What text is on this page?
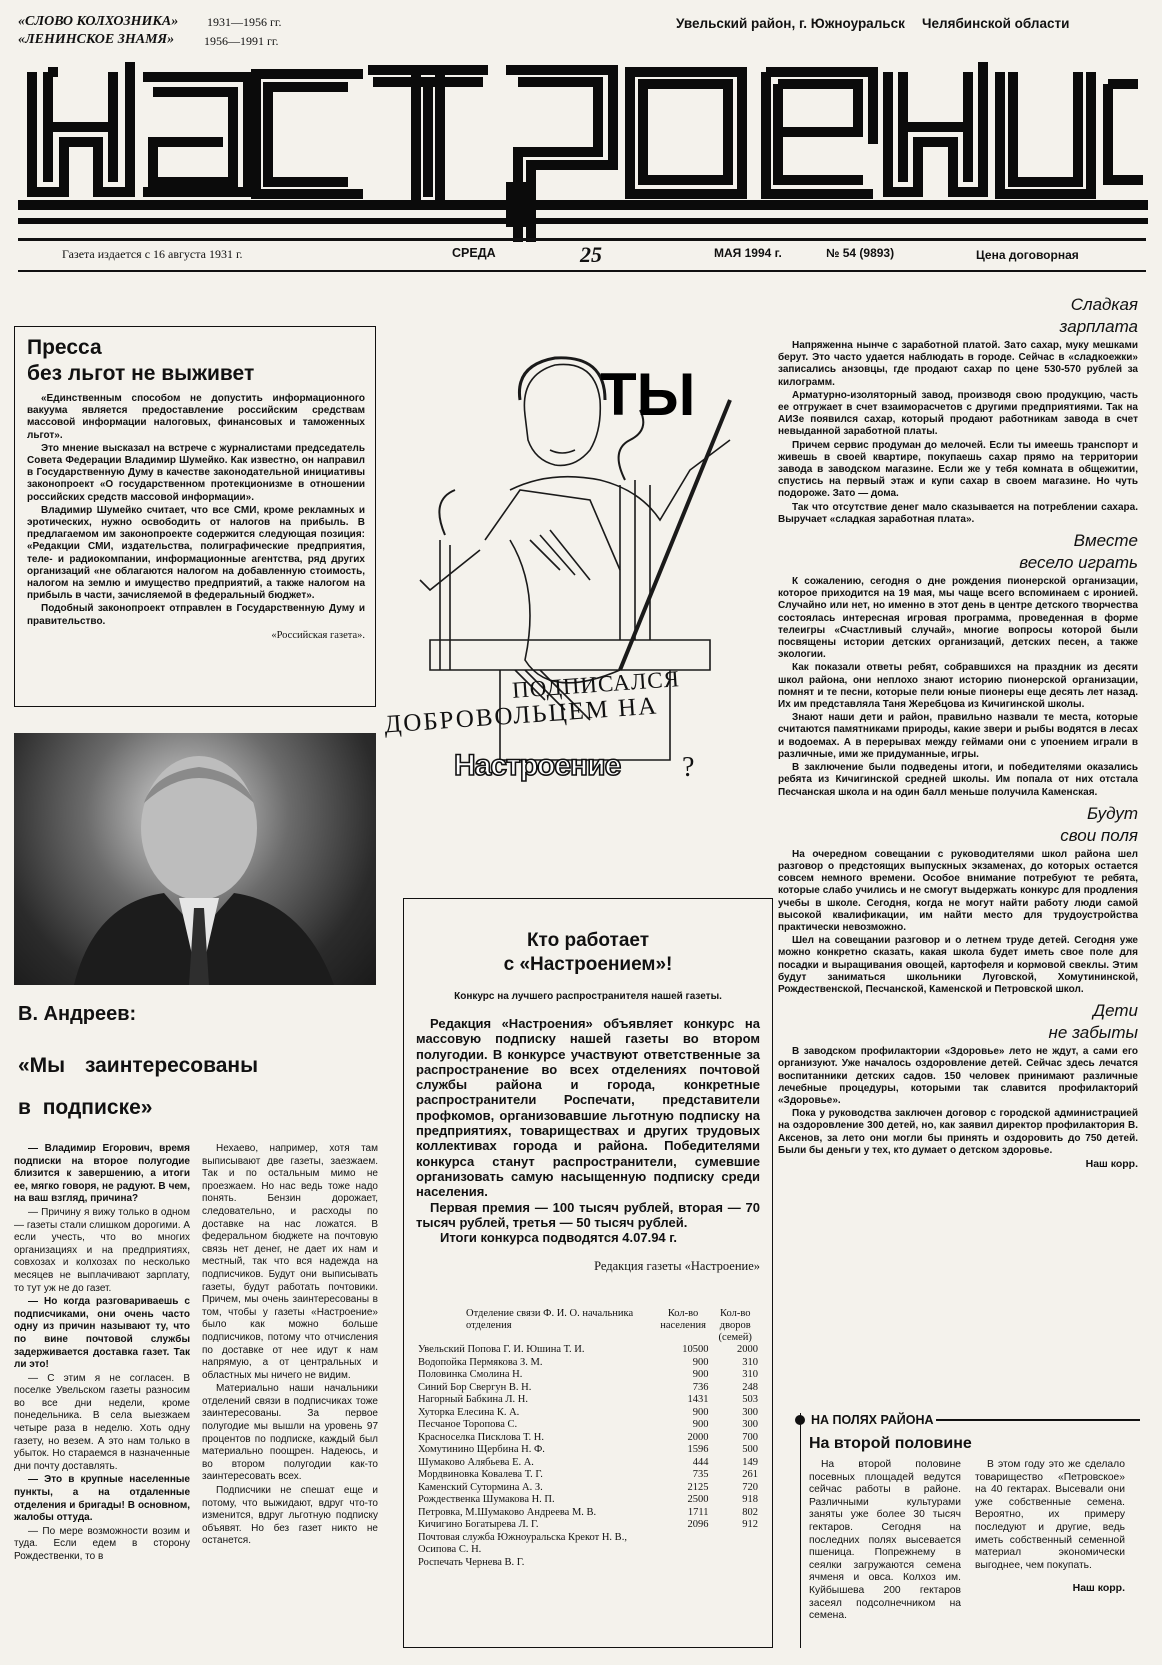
«СЛОВО КОЛХОЗНИКА» 1931—1956 гг.
«ЛЕНИНСКОЕ ЗНАМЯ» 1956—1991 гг.
Увельский район, г. Южноуральск Челябинской области
Газета издается с 16 августа 1931 г.	СРЕДА	25	МАЯ 1994 г.	№ 54 (9893)	Цена договорная
Пресса
без льгот не выживет

«Единственным способом не допустить информационного вакуума является предоставление российским средствам массовой информации налоговых, финансовых и таможенных льгот».

Это мнение высказал на встрече с журналистами председатель Совета Федерации Владимир Шумейко. Как известно, он направил в Государственную Думу в качестве законодательной инициативы законопроект «О государственном протекционизме в отношении российских средств массовой информации».

Владимир Шумейко считает, что все СМИ, кроме рекламных и эротических, нужно освободить от налогов на прибыль. В предлагаемом им законопроекте содержится следующая позиция: «Редакции СМИ, издательства, полиграфические предприятия, теле- и радиокомпании, информационные агентства, ряд других организаций «не облагаются налогом на добавленную стоимость, налогом на землю и имущество предприятий, а также налогом на прибыль в части, зачисляемой в федеральный бюджет».

Подобный законопроект отправлен в Государственную Думу и правительство.

«Российская газета».
В. Андреев:
«Мы заинтересованы
в подписке»

— Владимир Егорович, время подписки на второе полугодие близится к завершению, а итоги ее, мягко говоря, не радуют. В чем, на ваш взгляд, причина?

— Причину я вижу только в одном — газеты стали слишком дорогими. А если учесть, что во многих организациях и на предприятиях, совхозах и колхозах по несколько месяцев не выплачивают зарплату, то тут уж не до газет.

— Но когда разговариваешь с подписчиками, они очень часто одну из причин называют ту, что по вине почтовой службы задерживается доставка газет. Так ли это!

— С этим я не согласен. В поселке Увельском газеты разносим во все дни недели, кроме понедельника. В села выезжаем четыре раза в неделю. Хоть одну газету, но везем. А это нам только в убыток. Но стараемся в назначенные дни почту доставлять.

— Это в крупные населенные пункты, а на отдаленные отделения и бригады! В основном, жалобы оттуда.

— По мере возможности возим и туда. Если едем в сторону Рождественки, то в

Нехаево, например, хотя там выписывают две газеты, заезжаем. Так и по остальным мимо не проезжаем. Но нас ведь тоже надо понять. Бензин дорожает, следовательно, и расходы по доставке на нас ложатся. В федеральном бюджете на почтовую связь нет денег, не дает их нам и местный, так что вся надежда на подписчиков. Будут они выписывать газеты, будут работать почтовики. Причем, мы очень заинтересованы в том, чтобы у газеты «Настроение» было как можно больше подписчиков, потому что отчисления по доставке от нее идут к нам напрямую, а от центральных и областных мы ничего не видим.

Материально наши начальники отделений связи в подписчиках тоже заинтересованы. За первое полугодие мы вышли на уровень 97 процентов по подписке, каждый был материально поощрен. Надеюсь, и во втором полугодии как-то заинтересовать всех.

Подписчики не спешат еще и потому, что выжидают, вдруг что-то изменится, вдруг льготную подписку объявят. Но без газет никто не останется.

ТЫ
ПОДПИСАЛСЯ
ДОБРОВОЛЬЦЕМ НА
Настроение ?
Кто работает
с «Настроением»!
Конкурс на лучшего распространителя нашей газеты.

Редакция «Настроения» объявляет конкурс на массовую подписку нашей газеты во втором полугодии. В конкурсе участвуют ответственные за распространение во всех отделениях почтовой службы района и города, конкретные распространители Роспечати, представители профкомов, организовавшие льготную подписку на предприятиях, товариществах и других трудовых коллективах города и района. Победителями конкурса станут распространители, сумевшие организовать самую насыщенную подписку среди населения.

Первая премия — 100 тысяч рублей, вторая — 70 тысяч рублей, третья — 50 тысяч рублей.

Итоги конкурса подводятся 4.07.94 г.

Редакция газеты «Настроение»
Отделение связи Ф. И. О. начальника отделения	Кол-во населения	Кол-во дворов (семей)
Увельский Попова Г. И. Юшина Т. И.	10500	2000
Водопойка Пермякова З. М.	900	310
Половинка Смолина Н.	900	310
Синий Бор Свергун В. Н.	736	248
Нагорный Бабкина Л. Н.	1431	503
Хуторка Елесина К. А.	900	300
Песчаное Торопова С.	900	300
Красноселка Писклова Т. Н.	2000	700
Хомутинино Щербина Н. Ф.	1596	500
Шумаково Алябьева Е. А.	444	149
Мордвиновка Ковалева Т. Г.	735	261
Каменский Сутормина А. З.	2125	720
Рождественка Шумакова Н. П.	2500	918
Петровка, М.Шумаково Андреева М. В.	1711	802
Кичигино Богатырева Л. Г.	2096	912
Почтовая служба Южноуральска Крекот Н. В., Осипова С. Н.		
Роспечать Чернева В. Г.		
Сладкая
зарплата

Напряженна нынче с заработной платой. Зато сахар, муку мешками берут. Это часто удается наблюдать в городе. Сейчас в «сладкоежки» записались анзовцы, где продают сахар по цене 530-570 рублей за килограмм.

Арматурно-изоляторный завод, производя свою продукцию, часть ее отгружает в счет взаиморасчетов с другими предприятиями. Так на АИЗе появился сахар, который продают работникам завода в счет невыданной заработной платы.

Причем сервис продуман до мелочей. Если ты имеешь транспорт и живешь в своей квартире, покупаешь сахар прямо на территории завода в заводском магазине. Если же у тебя комната в общежитии, спустись на первый этаж и купи сахар в своем магазине. Но чуть подороже. Зато — дома.

Так что отсутствие денег мало сказывается на потреблении сахара. Выручает «сладкая заработная плата».

Вместе
весело играть

К сожалению, сегодня о дне рождения пионерской организации, которое приходится на 19 мая, мы чаще всего вспоминаем с иронией. Случайно или нет, но именно в этот день в центре детского творчества состоялась интересная игровая программа, проведенная в форме телеигры «Счастливый случай», многие вопросы которой были посвящены истории детских организаций, детских песен, а также экологии.

Как показали ответы ребят, собравшихся на праздник из десяти школ района, они неплохо знают историю пионерской организации, помнят и те песни, которые пели юные пионеры еще десять лет назад. Их им представляла Таня Жеребцова из Кичигинской школы.

Знают наши дети и район, правильно назвали те места, которые считаются памятниками природы, какие звери и рыбы водятся в лесах и водоемах. А в перерывах между геймами они с упоением играли в различные, ими же придуманные, игры.

В заключение были подведены итоги, и победителями оказались ребята из Кичигинской средней школы. Им попала от них отстала Песчанская школа и на один балл меньше получила Каменская.

Будут
свои поля

На очередном совещании с руководителями школ района шел разговор о предстоящих выпускных экзаменах, до которых остается совсем немного времени. Особое внимание потребуют те ребята, которые слабо учились и не смогут выдержать конкурс для продления учебы в школе. Сегодня, когда не могут найти работу люди самой высокой квалификации, им найти место для трудоустройства практически невозможно.

Шел на совещании разговор и о летнем труде детей. Сегодня уже можно конкретно сказать, какая школа будет иметь свое поле для посадки и выращивания овощей, картофеля и кормовой свеклы. Этим будут заниматься школьники Луговской, Хомутининской, Рождественской, Песчанской, Каменской и Петровской школ.

Дети
не забыты

В заводском профилактории «Здоровье» лето не ждут, а сами его организуют. Уже началось оздоровление детей. Сейчас здесь лечатся воспитанники детских садов. 150 человек принимают различные лечебные процедуры, которыми так славится профилакторий «Здоровье».

Пока у руководства заключен договор с городской администрацией на оздоровление 300 детей, но, как заявил директор профилактория В. Аксенов, за лето они могли бы принять и оздоровить до 750 детей. Были бы деньги у тех, кто думает о детском здоровье.

Наш корр.
НА ПОЛЯХ РАЙОНА
На второй половине

На второй половине посевных площадей ведутся сейчас работы в районе. Различными культурами заняты уже более 30 тысяч гектаров. Сегодня на последних полях высевается пшеница. Попрежнему в сеялки загружаются семена ячменя и овса. Колхоз им. Куйбышева 200 гектаров засеял подсолнечником на семена.

В этом году это же сделало товарищество «Петровское» на 40 гектарах. Высевали они уже собственные семена. Вероятно, их примеру последуют и другие, ведь иметь собственный семенной материал экономически выгоднее, чем покупать.

Наш корр.
